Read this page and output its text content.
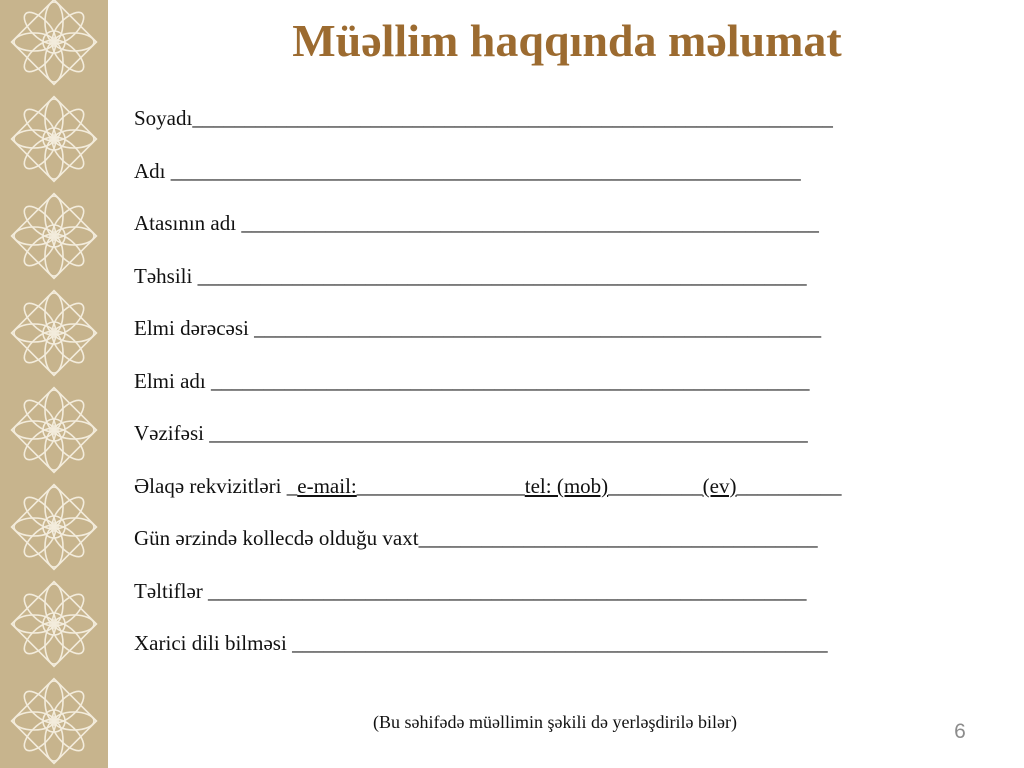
Müəllim haqqında məlumat
Soyadı_____________________________________________________________
Adı ____________________________________________________________
Atasının adı _______________________________________________________
Təhsili __________________________________________________________
Elmi dərəcəsi ______________________________________________________
Elmi adı _________________________________________________________
Vəzifəsi _________________________________________________________
Əlaqə rekvizitləri _e-mail:________________tel: (mob)_________(ev)__________
Gün ərzində kollecdə olduğu vaxt______________________________________
Təltiflər _________________________________________________________
Xarici dili bilməsi ___________________________________________________
(Bu səhifədə müəllimin şəkili də yerləşdirilə bilər)	6
